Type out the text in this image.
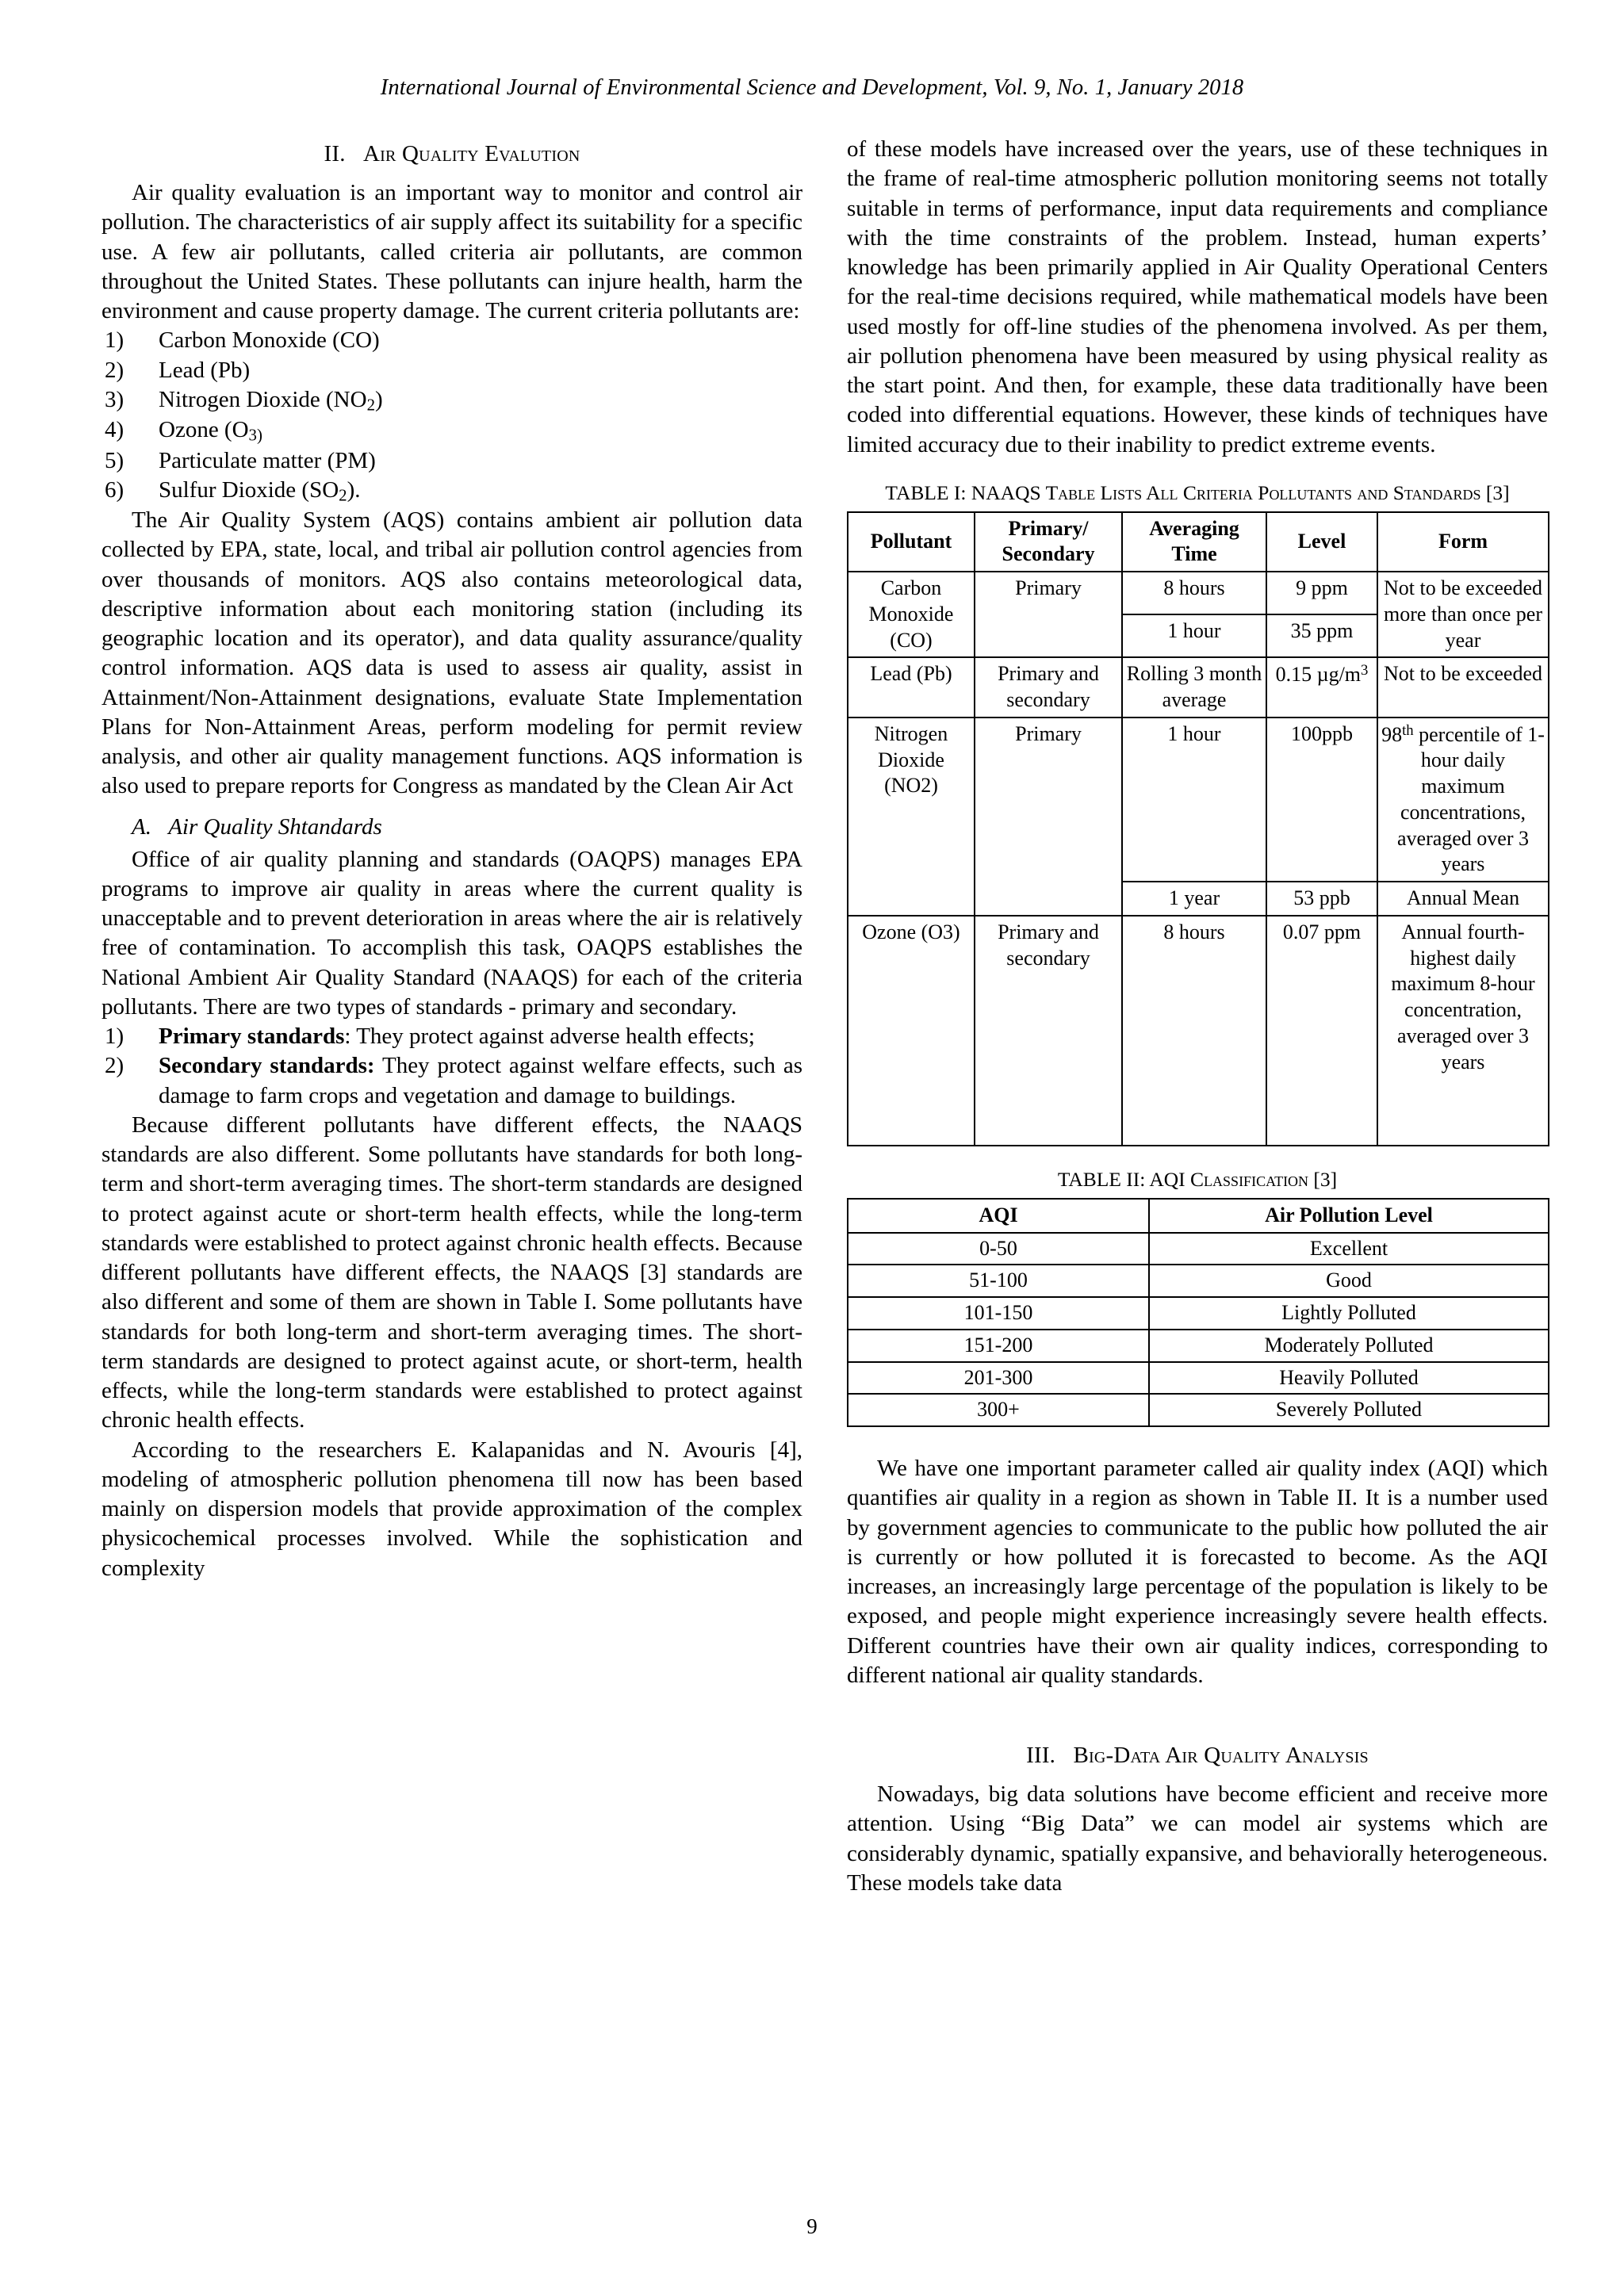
International Journal of Environmental Science and Development, Vol. 9, No. 1, January 2018
II. Air Quality Evalution

Air quality evaluation is an important way to monitor and control air pollution. The characteristics of air supply affect its suitability for a specific use. A few air pollutants, called criteria air pollutants, are common throughout the United States. These pollutants can injure health, harm the environment and cause property damage. The current criteria pollutants are:

1)	Carbon Monoxide (CO)
2)	Lead (Pb)
3)	Nitrogen Dioxide $(NO_2)$
4)	Ozone ($O_{3)}$
5)	Particulate matter (PM)
6)	Sulfur Dioxide $(SO_2)$.

The Air Quality System (AQS) contains ambient air pollution data collected by EPA, state, local, and tribal air pollution control agencies from over thousands of monitors. AQS also contains meteorological data, descriptive information about each monitoring station (including its geographic location and its operator), and data quality assurance/quality control information. AQS data is used to assess air quality, assist in Attainment/Non-Attainment designations, evaluate State Implementation Plans for Non-Attainment Areas, perform modeling for permit review analysis, and other air quality management functions. AQS information is also used to prepare reports for Congress as mandated by the Clean Air Act

A. Air Quality Shtandards

Office of air quality planning and standards (OAQPS) manages EPA programs to improve air quality in areas where the current quality is unacceptable and to prevent deterioration in areas where the air is relatively free of contamination. To accomplish this task, OAQPS establishes the National Ambient Air Quality Standard (NAAQS) for each of the criteria pollutants. There are two types of standards - primary and secondary.

1)	Primary standards: They protect against adverse health effects;
2)	Secondary standards: They protect against welfare effects, such as damage to farm crops and vegetation and damage to buildings.

Because different pollutants have different effects, the NAAQS standards are also different. Some pollutants have standards for both long-term and short-term averaging times. The short-term standards are designed to protect against acute or short-term health effects, while the long-term standards were established to protect against chronic health effects. Because different pollutants have different effects, the NAAQS [3] standards are also different and some of them are shown in Table I. Some pollutants have standards for both long-term and short-term averaging times. The short-term standards are designed to protect against acute, or short-term, health effects, while the long-term standards were established to protect against chronic health effects.

According to the researchers E. Kalapanidas and N. Avouris [4], modeling of atmospheric pollution phenomena till now has been based mainly on dispersion models that provide approximation of the complex physicochemical processes involved. While the sophistication and complexity

of these models have increased over the years, use of these techniques in the frame of real-time atmospheric pollution monitoring seems not totally suitable in terms of performance, input data requirements and compliance with the time constraints of the problem. Instead, human experts’ knowledge has been primarily applied in Air Quality Operational Centers for the real-time decisions required, while mathematical models have been used mostly for off-line studies of the phenomena involved. As per them, air pollution phenomena have been measured by using physical reality as the start point. And then, for example, these data traditionally have been coded into differential equations. However, these kinds of techniques have limited accuracy due to their inability to predict extreme events.

TABLE I: NAAQS Table Lists All Criteria Pollutants and Standards [3]
Pollutant	Primary/ Secondary	Averaging Time	Level	Form
Carbon Monoxide (CO)	Primary	8 hours	9 ppm	Not to be exceeded more than once per year
		1 hour	35 ppm	
Lead (Pb)	Primary and secondary	Rolling 3 month average	0.15 $\mu g/m^3$	Not to be exceeded
Nitrogen Dioxide (NO2)	Primary	1 hour	100ppb	98th percentile of 1-hour daily maximum concentrations, averaged over 3 years
		1 year	53 ppb	Annual Mean
Ozone (O3)	Primary and secondary	8 hours	0.07 ppm	Annual fourth-highest daily maximum 8-hour concentration, averaged over 3 years
TABLE II: AQI Classification [3]
AQI	Air Pollution Level
0-50	Excellent
51-100	Good
101-150	Lightly Polluted
151-200	Moderately Polluted
201-300	Heavily Polluted
300+	Severely Polluted

We have one important parameter called air quality index (AQI) which quantifies air quality in a region as shown in Table II. It is a number used by government agencies to communicate to the public how polluted the air is currently or how polluted it is forecasted to become. As the AQI increases, an increasingly large percentage of the population is likely to be exposed, and people might experience increasingly severe health effects. Different countries have their own air quality indices, corresponding to different national air quality standards.

III. Big-Data Air Quality Analysis

Nowadays, big data solutions have become efficient and receive more attention. Using “Big Data” we can model air systems which are considerably dynamic, spatially expansive, and behaviorally heterogeneous. These models take data

9
